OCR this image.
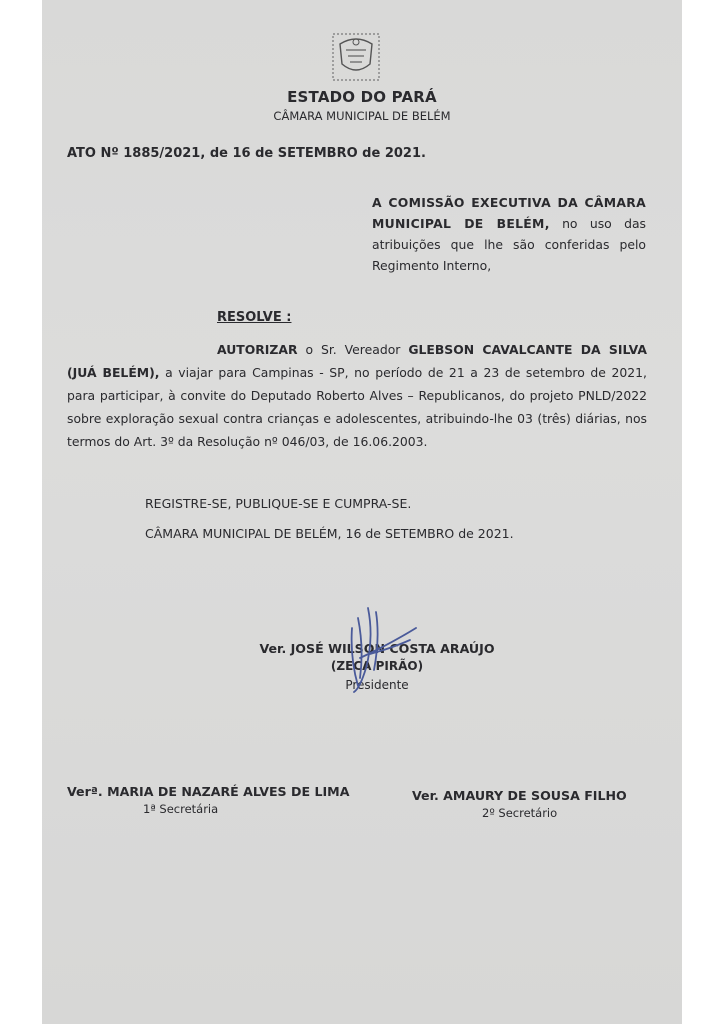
ESTADO DO PARÁ
CÂMARA MUNICIPAL DE BELÉM
ATO Nº 1885/2021, de 16 de SETEMBRO de 2021.
A COMISSÃO EXECUTIVA DA CÂMARA MUNICIPAL DE BELÉM, no uso das atribuições que lhe são conferidas pelo Regimento Interno,
RESOLVE :
AUTORIZAR o Sr. Vereador GLEBSON CAVALCANTE DA SILVA (JUÁ BELÉM), a viajar para Campinas - SP, no período de 21 a 23 de setembro de 2021, para participar, à convite do Deputado Roberto Alves – Republicanos, do projeto PNLD/2022 sobre exploração sexual contra crianças e adolescentes, atribuindo-lhe 03 (três) diárias, nos termos do Art. 3º da Resolução nº 046/03, de 16.06.2003.
REGISTRE-SE, PUBLIQUE-SE E CUMPRA-SE.
CÂMARA MUNICIPAL DE BELÉM, 16 de SETEMBRO de 2021.
Ver. JOSÉ WILSON COSTA ARAÚJO
(ZECA PIRÃO)
Presidente
Verª. MARIA DE NAZARÉ ALVES DE LIMA
1ª Secretária
Ver. AMAURY DE SOUSA FILHO
2º Secretário
